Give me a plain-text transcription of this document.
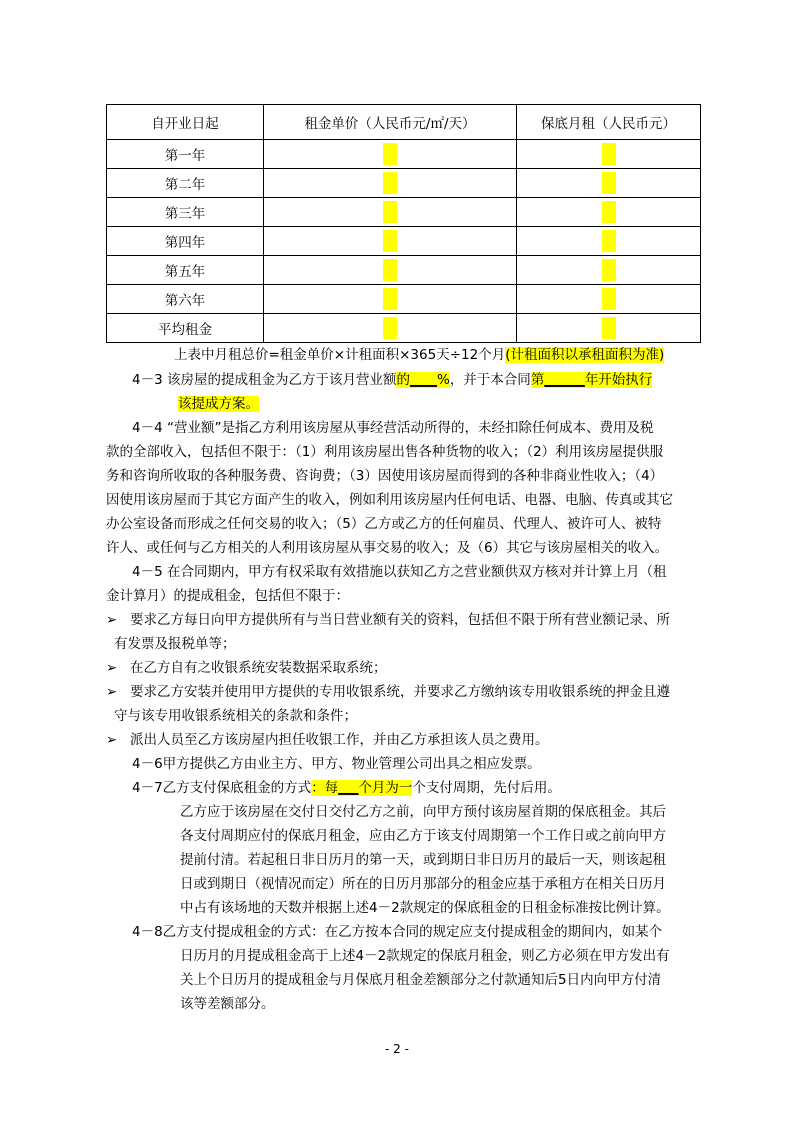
自开业日起	租金单价（人民币元/㎡/天）	保底月租（人民币元）
第一年		
第二年		
第三年		
第四年		
第五年		
第六年		
平均租金		
上表中月租总价=租金单价×计租面积×365天÷12个月(计租面积以承租面积为准)
4－3 该房屋的提成租金为乙方于该月营业额的____%，并于本合同第______年开始执行
该提成方案。
4－4 “营业额”是指乙方利用该房屋从事经营活动所得的，未经扣除任何成本、费用及税
款的全部收入，包括但不限于：（1）利用该房屋出售各种货物的收入；（2）利用该房屋提供服
务和咨询所收取的各种服务费、咨询费；（3）因使用该房屋而得到的各种非商业性收入；（4）
因使用该房屋而于其它方面产生的收入，例如利用该房屋内任何电话、电器、电脑、传真或其它
办公室设备而形成之任何交易的收入；（5）乙方或乙方的任何雇员、代理人、被许可人、被特
许人、或任何与乙方相关的人利用该房屋从事交易的收入；及（6）其它与该房屋相关的收入。
4－5 在合同期内，甲方有权采取有效措施以获知乙方之营业额供双方核对并计算上月（租
金计算月）的提成租金，包括但不限于：
➢ 要求乙方每日向甲方提供所有与当日营业额有关的资料，包括但不限于所有营业额记录、所
有发票及报税单等；
➢ 在乙方自有之收银系统安装数据采取系统；
➢ 要求乙方安装并使用甲方提供的专用收银系统，并要求乙方缴纳该专用收银系统的押金且遵
守与该专用收银系统相关的条款和条件；
➢ 派出人员至乙方该房屋内担任收银工作，并由乙方承担该人员之费用。
4－6甲方提供乙方由业主方、甲方、物业管理公司出具之相应发票。
4－7乙方支付保底租金的方式：每___个月为一个支付周期，先付后用。
乙方应于该房屋在交付日交付乙方之前，向甲方预付该房屋首期的保底租金。其后
各支付周期应付的保底月租金，应由乙方于该支付周期第一个工作日或之前向甲方
提前付清。若起租日非日历月的第一天，或到期日非日历月的最后一天，则该起租
日或到期日（视情况而定）所在的日历月那部分的租金应基于承租方在相关日历月
中占有该场地的天数并根据上述4－2款规定的保底租金的日租金标准按比例计算。
4－8乙方支付提成租金的方式：在乙方按本合同的规定应支付提成租金的期间内，如某个
日历月的月提成租金高于上述4－2款规定的保底月租金，则乙方必须在甲方发出有
关上个日历月的提成租金与月保底月租金差额部分之付款通知后5日内向甲方付清
该等差额部分。
- 2 -
